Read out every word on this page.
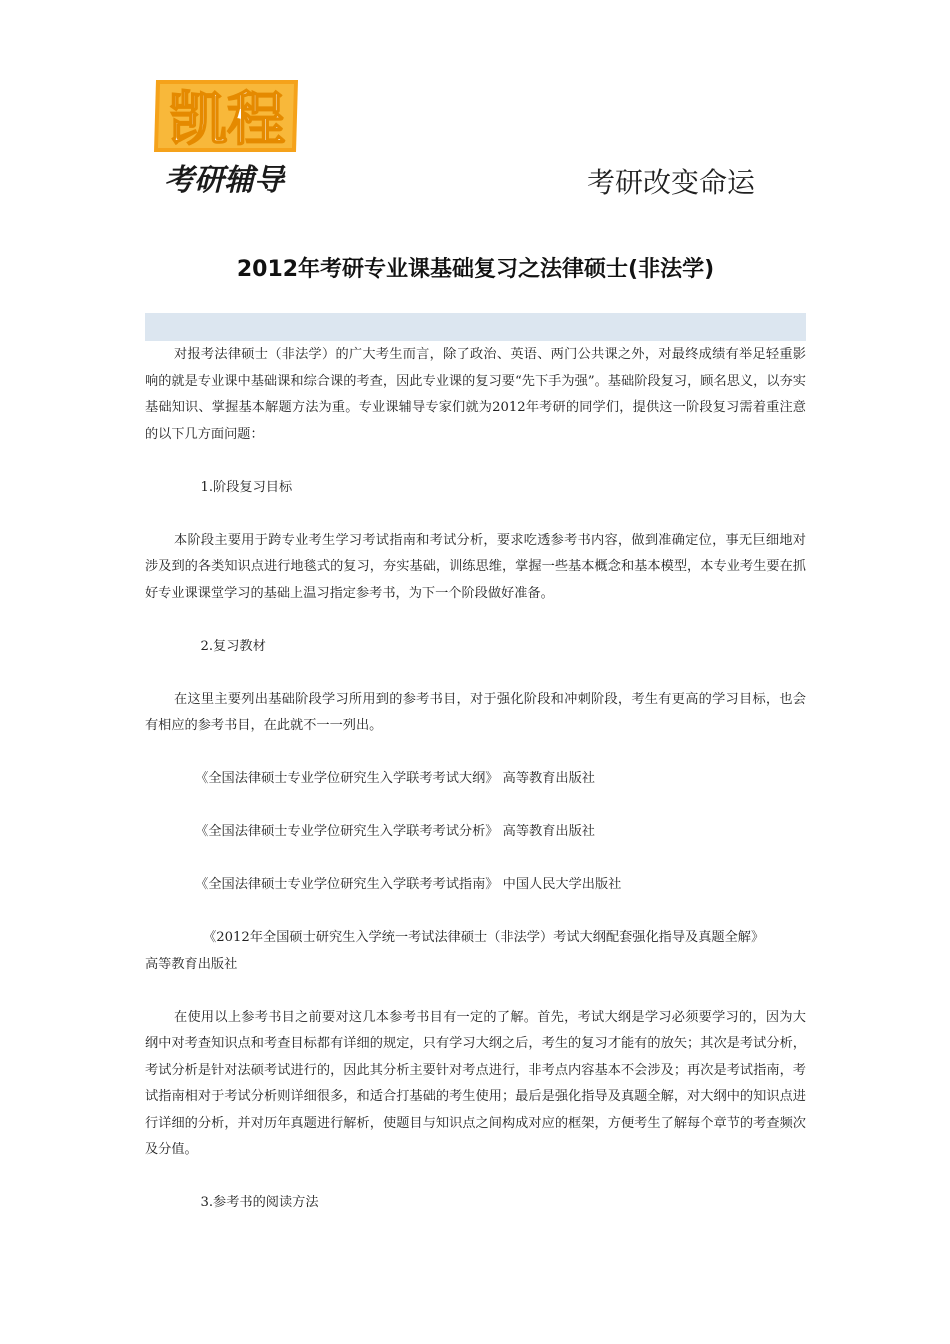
凯程
考研辅导	考研改变命运
2012年考研专业课基础复习之法律硕士(非法学)

对报考法律硕士（非法学）的广大考生而言，除了政治、英语、两门公共课之外，对最终成绩有举足轻重影响的就是专业课中基础课和综合课的考查，因此专业课的复习要“先下手为强”。基础阶段复习，顾名思义，以夯实基础知识、掌握基本解题方法为重。专业课辅导专家们就为2012年考研的同学们，提供这一阶段复习需着重注意的以下几方面问题：

1.阶段复习目标

本阶段主要用于跨专业考生学习考试指南和考试分析，要求吃透参考书内容，做到准确定位，事无巨细地对涉及到的各类知识点进行地毯式的复习，夯实基础，训练思维，掌握一些基本概念和基本模型，本专业考生要在抓好专业课课堂学习的基础上温习指定参考书，为下一个阶段做好准备。

2.复习教材

在这里主要列出基础阶段学习所用到的参考书目，对于强化阶段和冲刺阶段，考生有更高的学习目标，也会有相应的参考书目，在此就不一一列出。

《全国法律硕士专业学位研究生入学联考考试大纲》 高等教育出版社

《全国法律硕士专业学位研究生入学联考考试分析》 高等教育出版社

《全国法律硕士专业学位研究生入学联考考试指南》 中国人民大学出版社

《2012年全国硕士研究生入学统一考试法律硕士（非法学）考试大纲配套强化指导及真题全解》

高等教育出版社

在使用以上参考书目之前要对这几本参考书目有一定的了解。首先，考试大纲是学习必须要学习的，因为大纲中对考查知识点和考查目标都有详细的规定，只有学习大纲之后，考生的复习才能有的放矢；其次是考试分析，考试分析是针对法硕考试进行的，因此其分析主要针对考点进行，非考点内容基本不会涉及；再次是考试指南，考试指南相对于考试分析则详细很多，和适合打基础的考生使用；最后是强化指导及真题全解，对大纲中的知识点进行详细的分析，并对历年真题进行解析，使题目与知识点之间构成对应的框架，方便考生了解每个章节的考查频次及分值。

3.参考书的阅读方法
